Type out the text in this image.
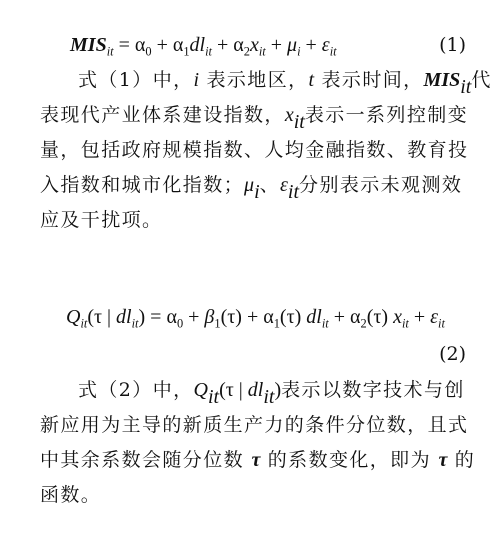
$MIS_{it} = \alpha_0 + \alpha_1dl_{it} + \alpha_2x_{it} + \mu_i + \varepsilon_{it}$	(1)
式（1）中，i 表示地区，t 表示时间，$MIS_{it}$代
表现代产业体系建设指数，$x_{it}$表示一系列控制变
量，包括政府规模指数、人均金融指数、教育投
入指数和城市化指数；$\mu_i$、$\varepsilon_{it}$分别表示未观测效
应及干扰项。
$Q_{it}(\tau$ | $dl_{it}) = \alpha_0 + \beta_1(\tau) + \alpha_1(\tau)$ $dl_{it} + \alpha_2(\tau) x_{it} + \varepsilon_{it}$
(2)
式（2）中，$Q_{it}(\tau$ | $dl_{it}$)表示以数字技术与创
新应用为主导的新质生产力的条件分位数，且式
中其余系数会随分位数 τ 的系数变化，即为 τ 的
函数。
